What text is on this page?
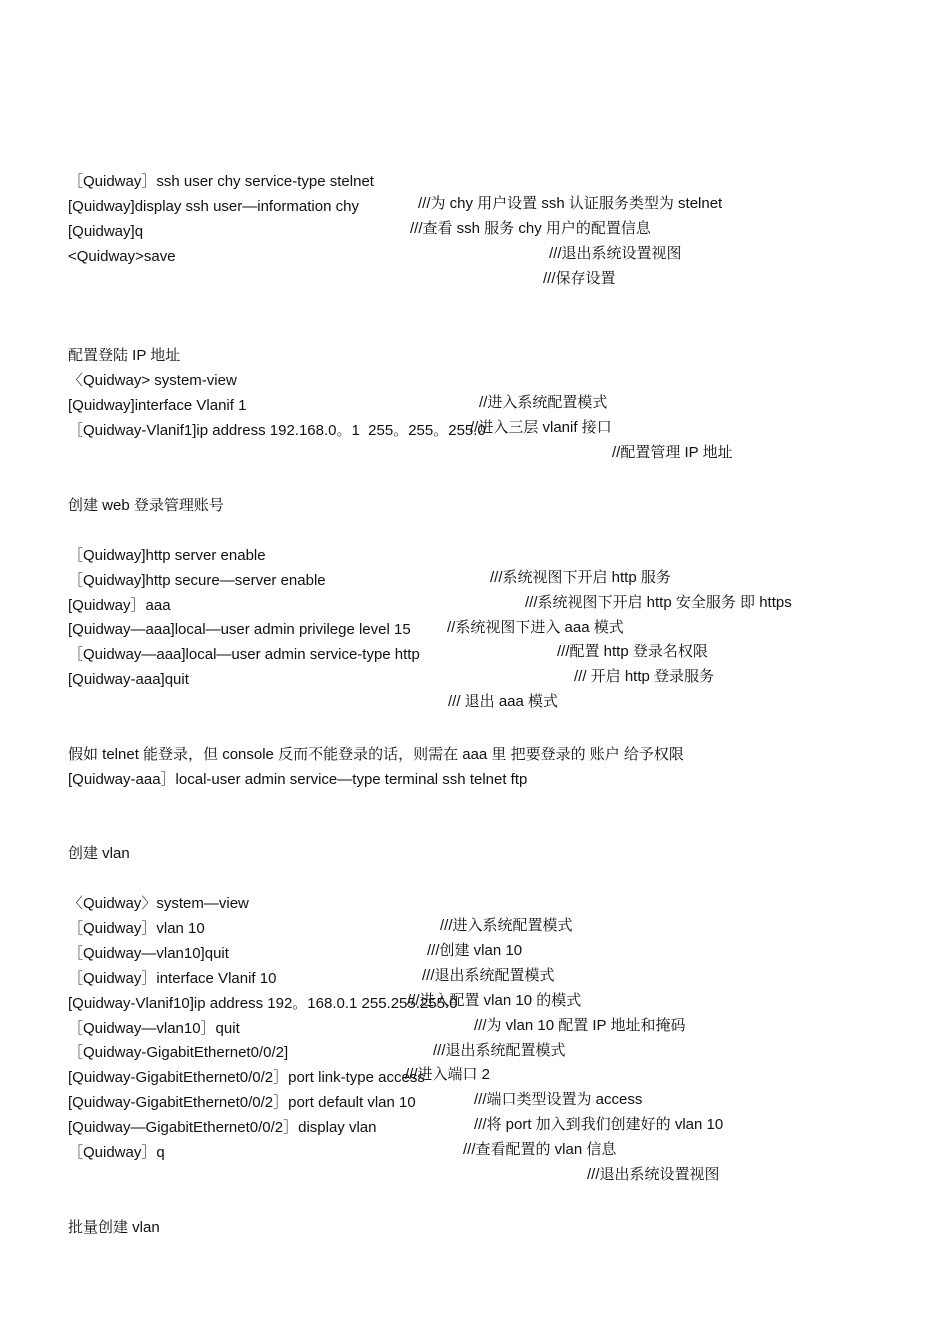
［Quidway］ssh user chy service-type stelnet

///为 chy 用户设置 ssh 认证服务类型为 stelnet

[Quidway]display ssh user—information chy

///查看 ssh 服务 chy 用户的配置信息

[Quidway]q

///退出系统设置视图

<Quidway>save

///保存设置

配置登陆 IP 地址

〈Quidway> system-view

//进入系统配置模式

[Quidway]interface Vlanif 1

//进入三层 vlanif 接口

［Quidway-Vlanif1]ip address 192.168.0。1  255。255。255.0

//配置管理 IP 地址

创建 web 登录管理账号

［Quidway]http server enable

///系统视图下开启 http 服务

［Quidway]http secure—server enable

///系统视图下开启 http 安全服务 即 https

[Quidway］aaa

//系统视图下进入 aaa 模式

[Quidway—aaa]local—user admin privilege level 15

///配置 http 登录名权限

［Quidway—aaa]local—user admin service-type http

/// 开启 http 登录服务

[Quidway-aaa]quit

/// 退出 aaa 模式

假如 telnet 能登录，但 console 反而不能登录的话，则需在 aaa 里 把要登录的 账户 给予权限

[Quidway-aaa］local-user admin service—type terminal ssh telnet ftp

创建 vlan

〈Quidway〉system—view

///进入系统配置模式

［Quidway］vlan 10

///创建 vlan 10

［Quidway—vlan10]quit

///退出系统配置模式

［Quidway］interface Vlanif 10

///进入配置 vlan 10 的模式

[Quidway-Vlanif10]ip address 192。168.0.1 255.255.255.0

///为 vlan 10 配置 IP 地址和掩码

［Quidway—vlan10］quit

///退出系统配置模式

［Quidway-GigabitEthernet0/0/2]

///进入端口 2

[Quidway-GigabitEthernet0/0/2］port link-type access

///端口类型设置为 access

[Quidway-GigabitEthernet0/0/2］port default vlan 10

///将 port 加入到我们创建好的 vlan 10

[Quidway—GigabitEthernet0/0/2］display vlan

///查看配置的 vlan 信息

［Quidway］q

///退出系统设置视图

批量创建 vlan
